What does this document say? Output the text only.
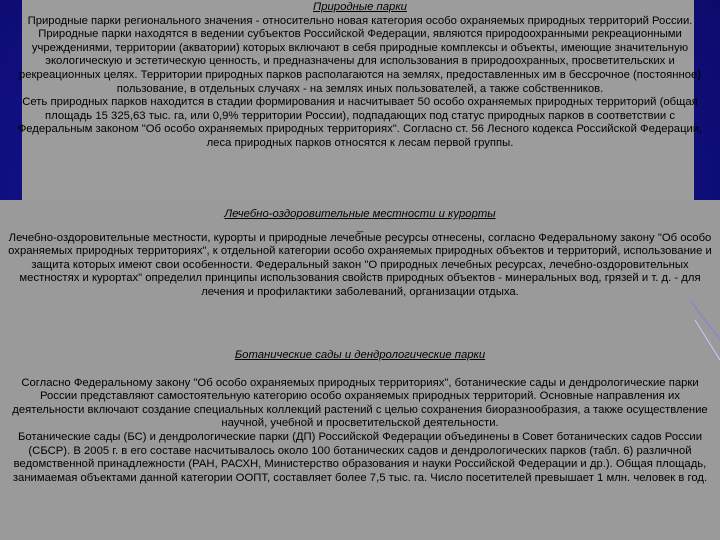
Природные парки

Природные парки регионального значения - относительно новая категория особо охраняемых природных территорий России. Природные парки находятся в ведении субъектов Российской Федерации, являются природоохранными рекреационными учреждениями, территории (акватории) которых включают в себя природные комплексы и объекты, имеющие значительную экологическую и эстетическую ценность, и предназначены для использования в природоохранных, просветительских и рекреационных целях. Территории природных парков располагаются на землях, предоставленных им в бессрочное (постоянное) пользование, в отдельных случаях - на землях иных пользователей, а также собственников.

Сеть природных парков находится в стадии формирования и насчитывает 50 особо охраняемых природных территорий (общая площадь 15 325,63 тыс. га, или 0,9% территории России), подпадающих под статус природных парков в соответствии с Федеральным законом "Об особо охраняемых природных территориях". Согласно ст. 56 Лесного кодекса Российской Федерации, леса природных парков относятся к лесам первой группы.

Лечебно-оздоровительные местности и курорты

_

Лечебно-оздоровительные местности, курорты и природные лечебные ресурсы отнесены, согласно Федеральному закону "Об особо охраняемых природных территориях", к отдельной категории особо охраняемых природных объектов и территорий, использование и защита которых имеют свои особенности. Федеральный закон "О природных лечебных ресурсах, лечебно-оздоровительных местностях и курортах" определил принципы использования свойств природных объектов - минеральных вод, грязей и т. д. - для лечения и профилактики заболеваний, организации отдыха.

Ботанические сады и дендрологические парки

Согласно Федеральному закону "Об особо охраняемых природных территориях", ботанические сады и дендрологические парки России представляют самостоятельную категорию особо охраняемых природных территорий. Основные направления их деятельности включают создание специальных коллекций растений с целью сохранения биоразнообразия, а также осуществление научной, учебной и просветительской деятельности.

Ботанические сады (БС) и дендрологические парки (ДП) Российской Федерации объединены в Совет ботанических садов России (СБСР). В 2005 г. в его составе насчитывалось около 100 ботанических садов и дендрологических парков (табл. 6) различной ведомственной принадлежности (РАН, РАСХН, Министерство образования и науки Российской Федерации и др.). Общая площадь, занимаемая объектами данной категории ООПТ, составляет более 7,5 тыс. га. Число посетителей превышает 1 млн. человек в год.
